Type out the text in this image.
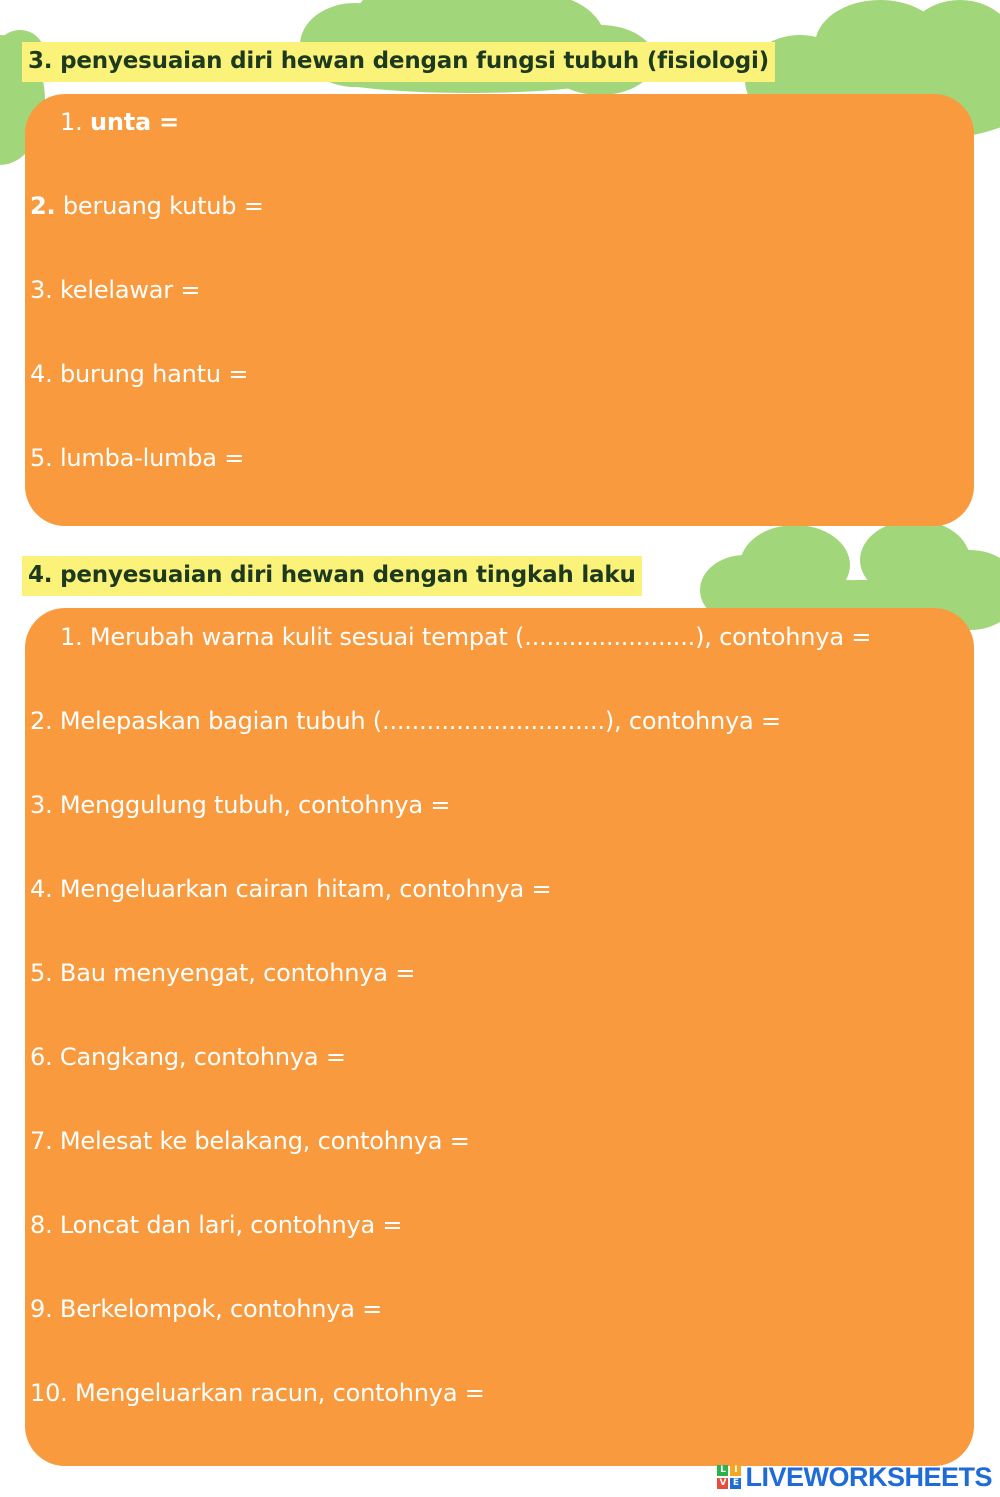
3. penyesuaian diri hewan dengan fungsi tubuh (fisiologi)
1. unta =
2. beruang kutub =
3. kelelawar =
4. burung hantu =
5. lumba-lumba =
4. penyesuaian diri hewan dengan tingkah laku
1. Merubah warna kulit sesuai tempat (.......................), contohnya =
2. Melepaskan bagian tubuh (..............................), contohnya =
3. Menggulung tubuh, contohnya =
4. Mengeluarkan cairan hitam, contohnya =
5. Bau menyengat, contohnya =
6. Cangkang, contohnya =
7. Melesat ke belakang, contohnya =
8. Loncat dan lari, contohnya =
9. Berkelompok, contohnya =
10. Mengeluarkan racun, contohnya =
L I
V E LIVEWORKSHEETS
